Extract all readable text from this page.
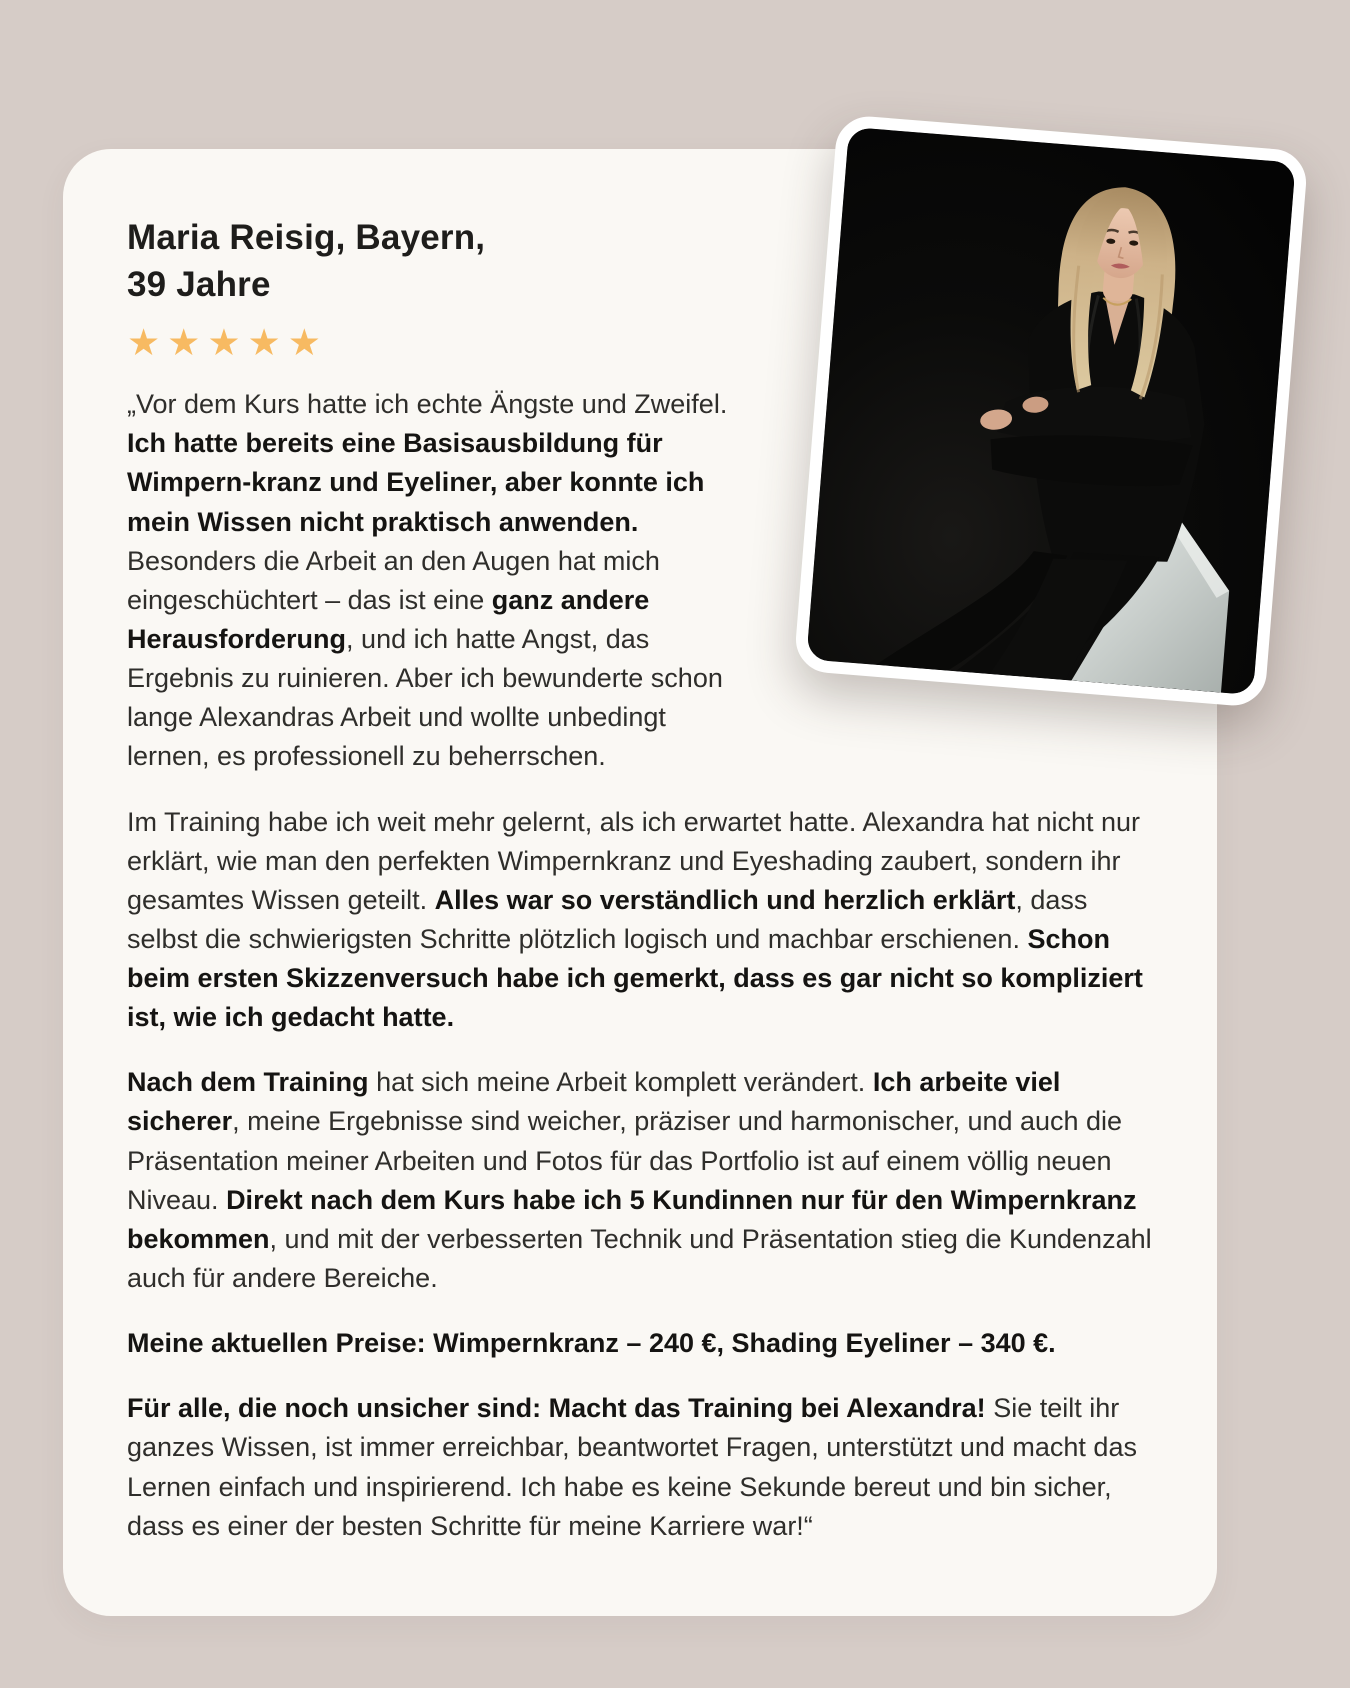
Maria Reisig, Bayern,
39 Jahre
★★★★★

„Vor dem Kurs hatte ich echte Ängste und Zweifel. Ich hatte bereits eine Basisausbildung für Wimpern-kranz und Eyeliner, aber konnte ich mein Wissen nicht praktisch anwenden. Besonders die Arbeit an den Augen hat mich eingeschüchtert – das ist eine ganz andere Herausforderung, und ich hatte Angst, das Ergebnis zu ruinieren. Aber ich bewunderte schon lange Alexandras Arbeit und wollte unbedingt lernen, es professionell zu beherrschen.

Im Training habe ich weit mehr gelernt, als ich erwartet hatte. Alexandra hat nicht nur erklärt, wie man den perfekten Wimpernkranz und Eyeshading zaubert, sondern ihr gesamtes Wissen geteilt. Alles war so verständlich und herzlich erklärt, dass selbst die schwierigsten Schritte plötzlich logisch und machbar erschienen. Schon beim ersten Skizzenversuch habe ich gemerkt, dass es gar nicht so kompliziert ist, wie ich gedacht hatte.

Nach dem Training hat sich meine Arbeit komplett verändert. Ich arbeite viel sicherer, meine Ergebnisse sind weicher, präziser und harmonischer, und auch die Präsentation meiner Arbeiten und Fotos für das Portfolio ist auf einem völlig neuen Niveau. Direkt nach dem Kurs habe ich 5 Kundinnen nur für den Wimpernkranz bekommen, und mit der verbesserten Technik und Präsentation stieg die Kundenzahl auch für andere Bereiche.

Meine aktuellen Preise: Wimpernkranz – 240 €, Shading Eyeliner – 340 €.

Für alle, die noch unsicher sind: Macht das Training bei Alexandra! Sie teilt ihr ganzes Wissen, ist immer erreichbar, beantwortet Fragen, unterstützt und macht das Lernen einfach und inspirierend. Ich habe es keine Sekunde bereut und bin sicher, dass es einer der besten Schritte für meine Karriere war!“
